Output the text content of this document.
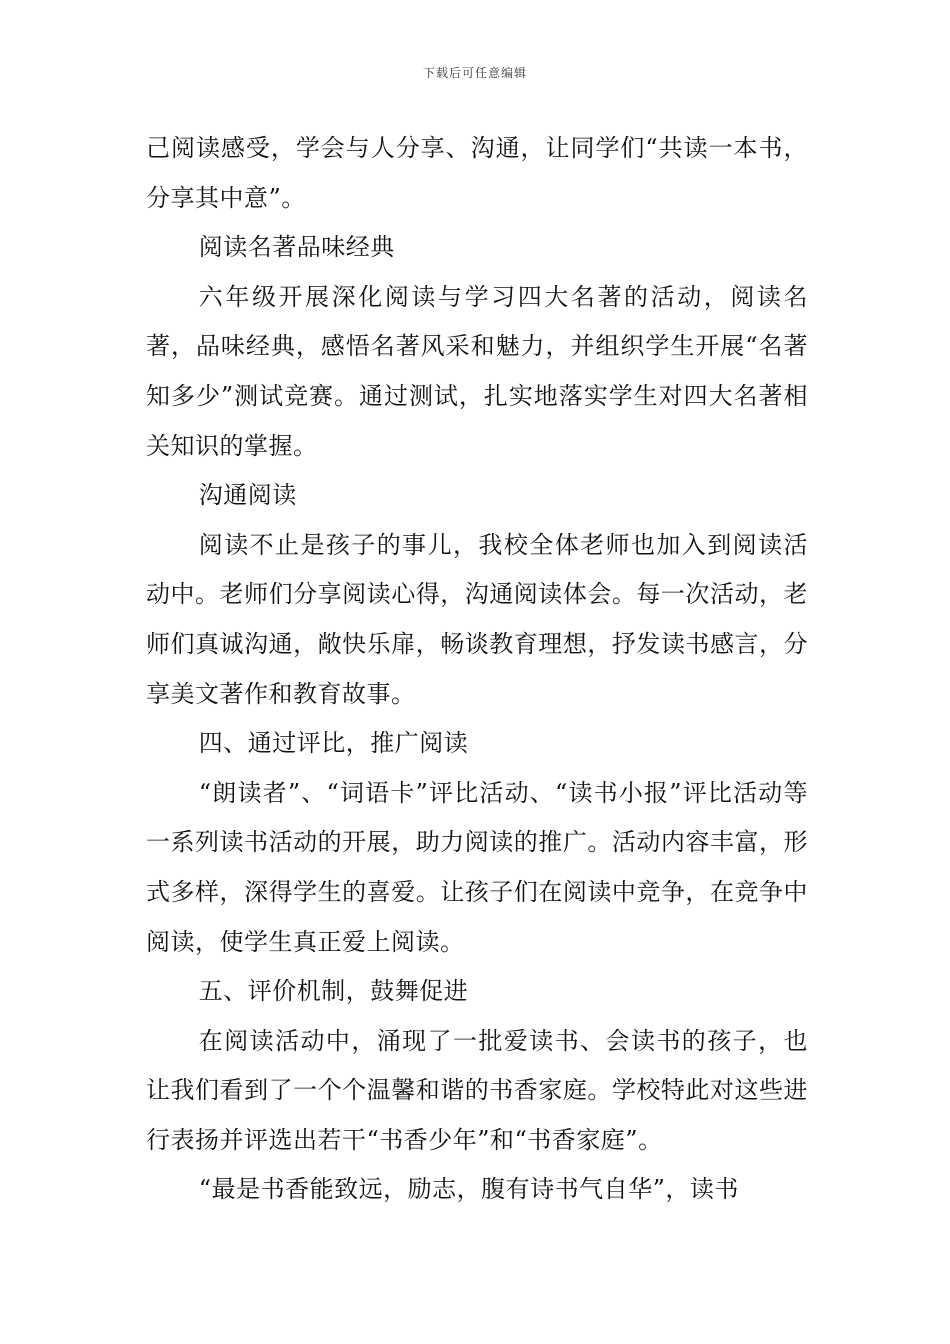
下载后可任意编辑

己阅读感受，学会与人分享、沟通，让同学们“共读一本书，分享其中意”。

阅读名著品味经典

六年级开展深化阅读与学习四大名著的活动，阅读名著，品味经典，感悟名著风采和魅力，并组织学生开展“名著知多少”测试竞赛。通过测试，扎实地落实学生对四大名著相关知识的掌握。

沟通阅读

阅读不止是孩子的事儿，我校全体老师也加入到阅读活动中。老师们分享阅读心得，沟通阅读体会。每一次活动，老师们真诚沟通，敞快乐扉，畅谈教育理想，抒发读书感言，分享美文著作和教育故事。

四、通过评比，推广阅读

“朗读者”、“词语卡”评比活动、“读书小报”评比活动等一系列读书活动的开展，助力阅读的推广。活动内容丰富，形式多样，深得学生的喜爱。让孩子们在阅读中竞争，在竞争中阅读，使学生真正爱上阅读。

五、评价机制，鼓舞促进

在阅读活动中，涌现了一批爱读书、会读书的孩子，也让我们看到了一个个温馨和谐的书香家庭。学校特此对这些进行表扬并评选出若干“书香少年”和“书香家庭”。

“最是书香能致远，励志，腹有诗书气自华”，读书
